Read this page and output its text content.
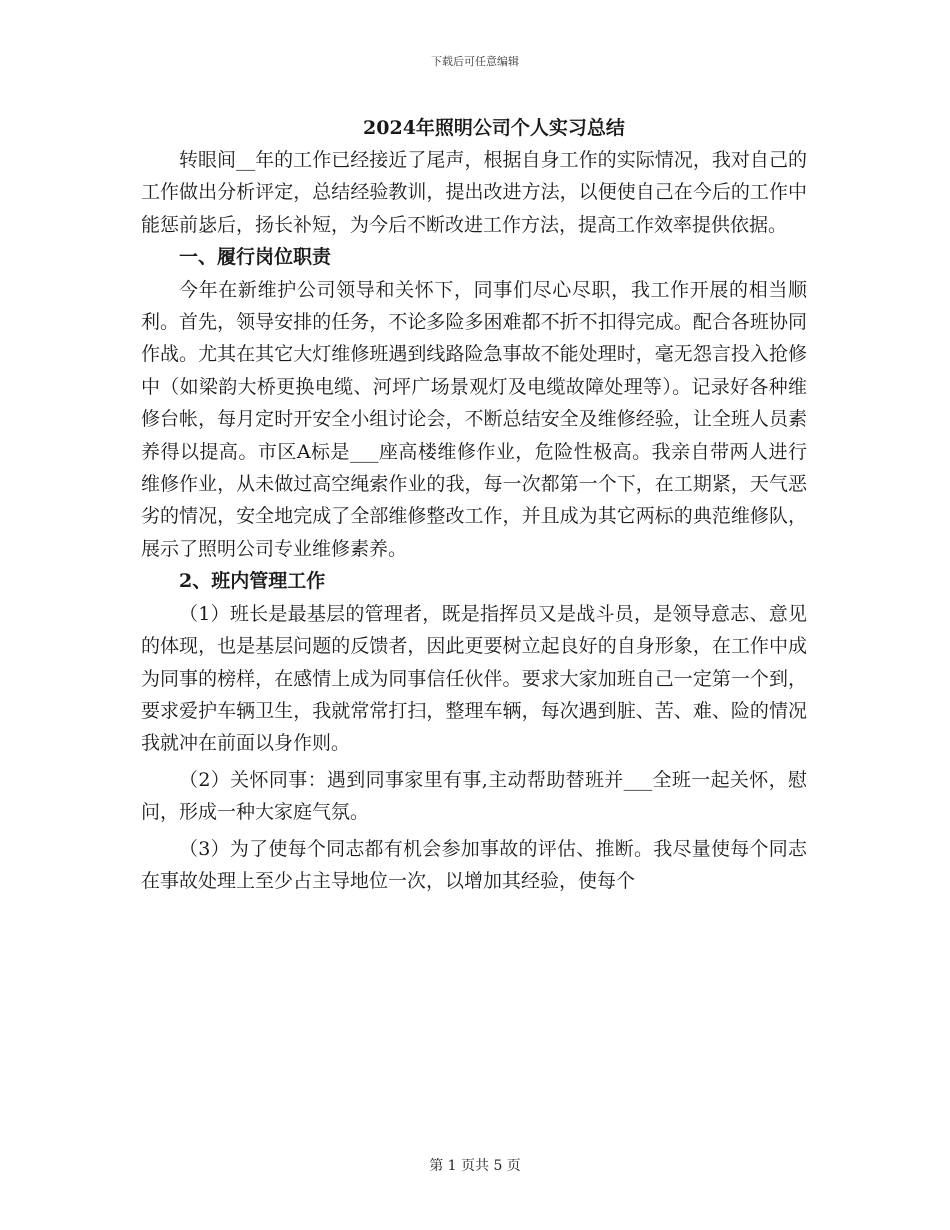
下载后可任意编辑
2024年照明公司个人实习总结

转眼间__年的工作已经接近了尾声，根据自身工作的实际情况，我对自己的工作做出分析评定，总结经验教训，提出改进方法，以便使自己在今后的工作中能惩前毖后，扬长补短，为今后不断改进工作方法，提高工作效率提供依据。

一、履行岗位职责

今年在新维护公司领导和关怀下，同事们尽心尽职，我工作开展的相当顺利。首先，领导安排的任务，不论多险多困难都不折不扣得完成。配合各班协同作战。尤其在其它大灯维修班遇到线路险急事故不能处理时，毫无怨言投入抢修中（如梁韵大桥更换电缆、河坪广场景观灯及电缆故障处理等）。记录好各种维修台帐，每月定时开安全小组讨论会，不断总结安全及维修经验，让全班人员素养得以提高。市区A标是___座高楼维修作业，危险性极高。我亲自带两人进行维修作业，从未做过高空绳索作业的我，每一次都第一个下，在工期紧，天气恶劣的情况，安全地完成了全部维修整改工作，并且成为其它两标的典范维修队，展示了照明公司专业维修素养。

2、班内管理工作

（1）班长是最基层的管理者，既是指挥员又是战斗员，是领导意志、意见的体现，也是基层问题的反馈者，因此更要树立起良好的自身形象，在工作中成为同事的榜样，在感情上成为同事信任伙伴。要求大家加班自己一定第一个到，要求爱护车辆卫生，我就常常打扫，整理车辆，每次遇到脏、苦、难、险的情况我就冲在前面以身作则。

（2）关怀同事：遇到同事家里有事,主动帮助替班并___全班一起关怀，慰问，形成一种大家庭气氛。

（3）为了使每个同志都有机会参加事故的评估、推断。我尽量使每个同志在事故处理上至少占主导地位一次，以增加其经验，使每个

第 1 页共 5 页
